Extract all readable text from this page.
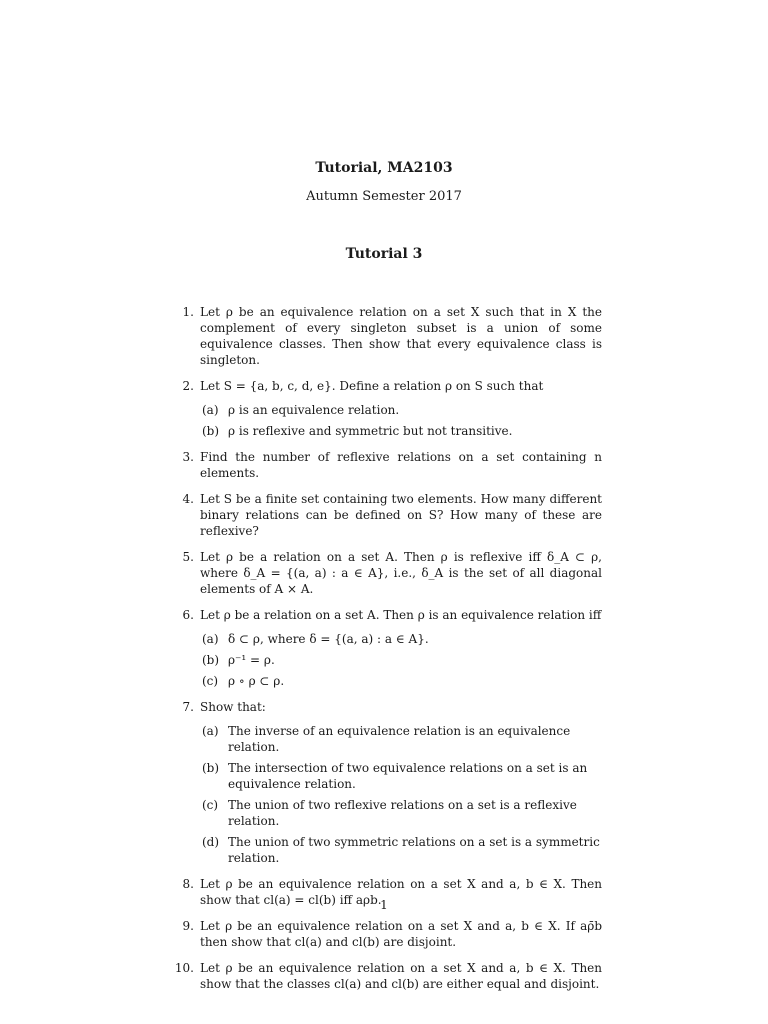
Tutorial, MA2103
Autumn Semester 2017
Tutorial 3
1. Let ρ be an equivalence relation on a set X such that in X the complement of every singleton subset is a union of some equivalence classes. Then show that every equivalence class is singleton.
2. Let S = {a, b, c, d, e}. Define a relation ρ on S such that
(a) ρ is an equivalence relation.
(b) ρ is reflexive and symmetric but not transitive.
3. Find the number of reflexive relations on a set containing n elements.
4. Let S be a finite set containing two elements. How many different binary relations can be defined on S? How many of these are reflexive?
5. Let ρ be a relation on a set A. Then ρ is reflexive iff δ_A ⊂ ρ, where δ_A = {(a, a) : a ∈ A}, i.e., δ_A is the set of all diagonal elements of A × A.
6. Let ρ be a relation on a set A. Then ρ is an equivalence relation iff
(a) δ ⊂ ρ, where δ = {(a, a) : a ∈ A}.
(b) ρ⁻¹ = ρ.
(c) ρ ∘ ρ ⊂ ρ.
7. Show that:
(a) The inverse of an equivalence relation is an equivalence relation.
(b) The intersection of two equivalence relations on a set is an equivalence relation.
(c) The union of two reflexive relations on a set is a reflexive relation.
(d) The union of two symmetric relations on a set is a symmetric relation.
8. Let ρ be an equivalence relation on a set X and a, b ∈ X. Then show that cl(a) = cl(b) iff aρb.
9. Let ρ be an equivalence relation on a set X and a, b ∈ X. If aρ̄b then show that cl(a) and cl(b) are disjoint.
10. Let ρ be an equivalence relation on a set X and a, b ∈ X. Then show that the classes cl(a) and cl(b) are either equal and disjoint.
1
